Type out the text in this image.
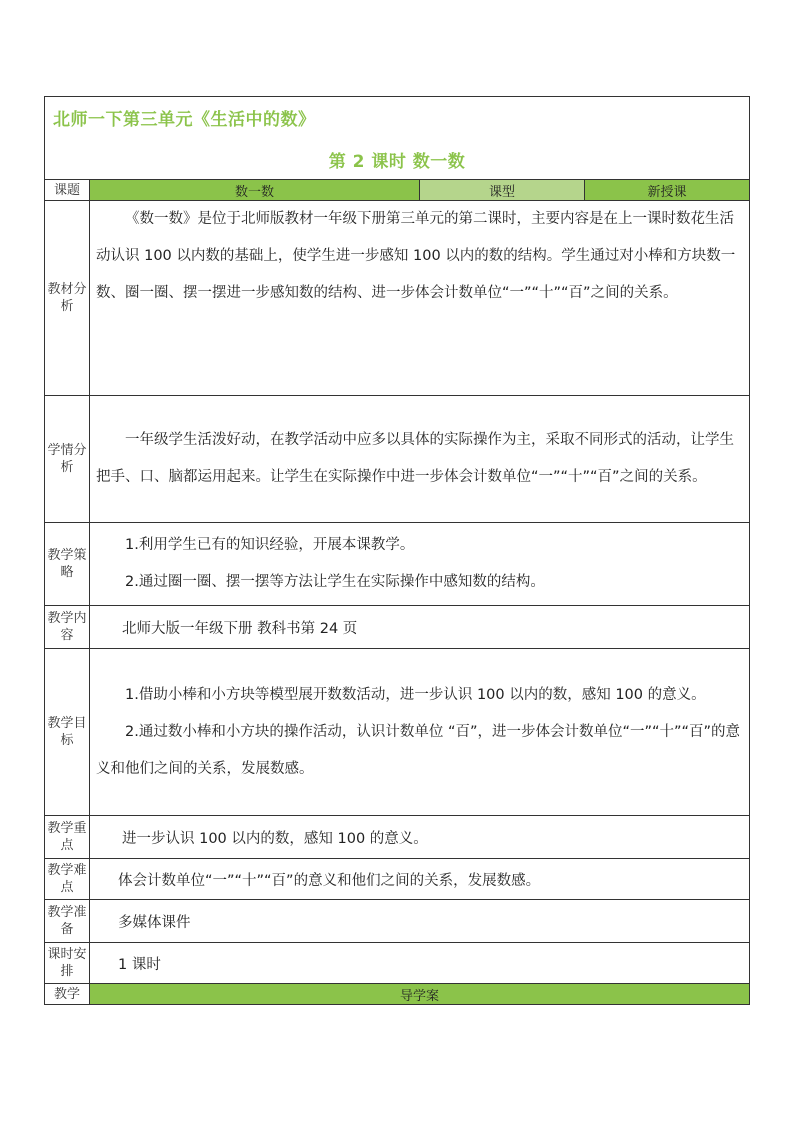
北师一下第三单元《生活中的数》
第 2 课时 数一数			

课题	数一数	课型	新授课
教材分析	《数一数》是位于北师版教材一年级下册第三单元的第二课时，主要内容是在上一课时数花生活动认识 100 以内数的基础上，使学生进一步感知 100 以内的数的结构。学生通过对小棒和方块数一数、圈一圈、摆一摆进一步感知数的结构、进一步体会计数单位“一”“十”“百”之间的关系。		

学情分析	一年级学生活泼好动，在教学活动中应多以具体的实际操作为主，采取不同形式的活动，让学生把手、口、脑都运用起来。让学生在实际操作中进一步体会计数单位“一”“十”“百”之间的关系。		

教学策略	1.利用学生已有的知识经验，开展本课教学。

2.通过圈一圈、摆一摆等方法让学生在实际操作中感知数的结构。		

教学内容	北师大版一年级下册 教科书第 24 页		
教学目标	1.借助小棒和小方块等模型展开数数活动，进一步认识 100 以内的数，感知 100 的意义。

2.通过数小棒和小方块的操作活动，认识计数单位 “百”，进一步体会计数单位“一”“十”“百”的意义和他们之间的关系，发展数感。		

教学重点	进一步认识 100 以内的数，感知 100 的意义。		
教学难点	体会计数单位“一”“十”“百”的意义和他们之间的关系，发展数感。		
教学准备	多媒体课件		
课时安排	1 课时		
教学	导学案		
